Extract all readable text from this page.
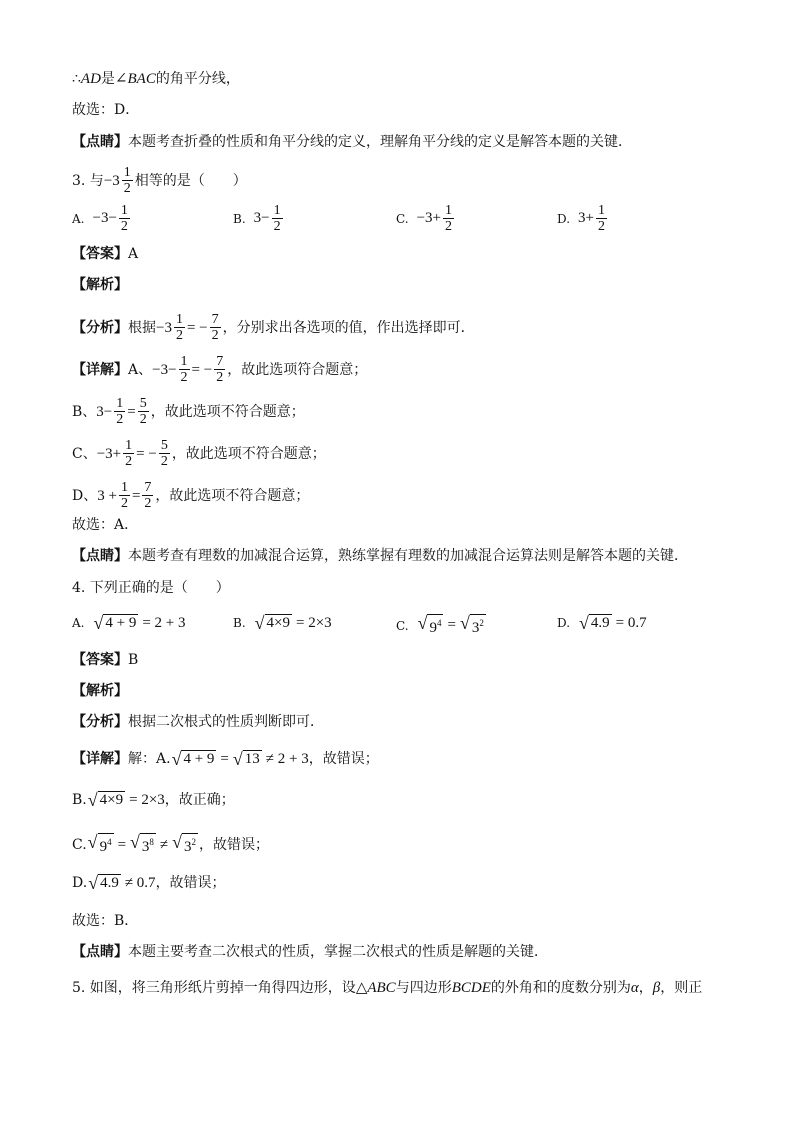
∴ AD 是 ∠ BAC 的角平分线，
故选：D．
【点睛】 本题考查折叠的性质和角平分线的定义，理解角平分线的定义是解答本题的关键．
3. 与 $-3 \frac{1}{2}$ 相等的是（　　）
A. $-3- \frac{1}{2}$	B. $3- \frac{1}{2}$	C. $-3+ \frac{1}{2}$	D. $3+ \frac{1}{2}$
【答案】 A
【解析】
【分析】 根据 $-3 \frac{1}{2}$ = − $\frac{7}{2}$ ，分别求出各选项的值，作出选择即可．
【详解】 A、 $-3- \frac{1}{2}$ = − $\frac{7}{2}$ ，故此选项符合题意；
B、 $3- \frac{1}{2} = \frac{5}{2}$ ，故此选项不符合题意；
C、 $-3+ \frac{1}{2}$ = − $\frac{5}{2}$ ，故此选项不符合题意；
D、 $3 + \frac{1}{2} = \frac{7}{2}$ ，故此选项不符合题意；
故选：A．
【点睛】 本题考查有理数的加减混合运算，熟练掌握有理数的加减混合运算法则是解答本题的关键．
4. 下列正确的是（　　）
A. √ 4 + 9 = 2 + 3	B. √ 4×9 = 2×3	C. √ $9^4$ = √ $3^2$	D. √ 4.9 = 0.7
【答案】 B
【解析】
【分析】 根据二次根式的性质判断即可．
【详解】 解：A. √ 4 + 9 = √ 13 ≠ 2 + 3 ，故错误；
B. √ 4×9 = 2×3 ，故正确；
C. √ $9^4$ = √ $3^8$ ≠ √ $3^2$ ，故错误；
D. √ 4.9 ≠ 0.7 ，故错误；
故选：B．
【点睛】 本题主要考查二次根式的性质，掌握二次根式的性质是解题的关键．
5. 如图，将三角形纸片剪掉一角得四边形，设 △ ABC 与四边形 BCDE 的外角和的度数分别为 α ， β ，则正
